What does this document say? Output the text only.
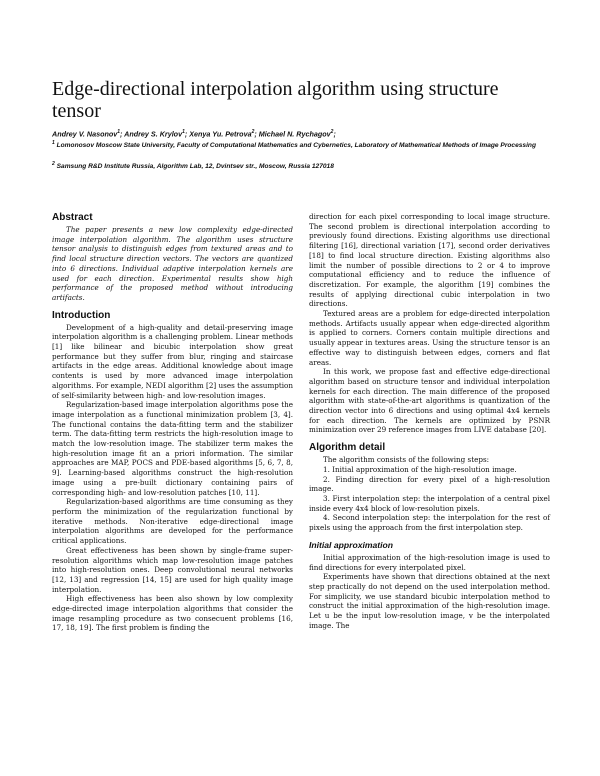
Edge-directional interpolation algorithm using structure tensor
Andrey V. Nasonov$^1$; Andrey S. Krylov$^1$; Xenya Yu. Petrova$^2$; Michael N. Rychagov$^2$;
$^1$ Lomonosov Moscow State University, Faculty of Computational Mathematics and Cybernetics, Laboratory of Mathematical Methods of Image Processing
$^2$ Samsung R&D Institute Russia, Algorithm Lab, 12, Dvintsev str., Moscow, Russia 127018
Abstract

The paper presents a new low complexity edge-directed image interpolation algorithm. The algorithm uses structure tensor analysis to distinguish edges from textured areas and to find local structure direction vectors. The vectors are quantized into 6 directions. Individual adaptive interpolation kernels are used for each direction. Experimental results show high performance of the proposed method without introducing artifacts.

Introduction

Development of a high-quality and detail-preserving image interpolation algorithm is a challenging problem. Linear methods [1] like bilinear and bicubic interpolation show great performance but they suffer from blur, ringing and staircase artifacts in the edge areas. Additional knowledge about image contents is used by more advanced image interpolation algorithms. For example, NEDI algorithm [2] uses the assumption of self-similarity between high- and low-resolution images.

Regularization-based image interpolation algorithms pose the image interpolation as a functional minimization problem [3, 4]. The functional contains the data-fitting term and the stabilizer term. The data-fitting term restricts the high-resolution image to match the low-resolution image. The stabilizer term makes the high-resolution image fit an a priori information. The similar approaches are MAP, POCS and PDE-based algorithms [5, 6, 7, 8, 9]. Learning-based algorithms construct the high-resolution image using a pre-built dictionary containing pairs of corresponding high- and low-resolution patches [10, 11].

Regularization-based algorithms are time consuming as they perform the minimization of the regularization functional by iterative methods. Non-iterative edge-directional image interpolation algorithms are developed for the performance critical applications.

Great effectiveness has been shown by single-frame super-resolution algorithms which map low-resolution image patches into high-resolution ones. Deep convolutional neural networks [12, 13] and regression [14, 15] are used for high quality image interpolation.

High effectiveness has been also shown by low complexity edge-directed image interpolation algorithms that consider the image resampling procedure as two consecuent problems [16, 17, 18, 19]. The first problem is finding the

direction for each pixel corresponding to local image structure. The second problem is directional interpolation according to previously found directions. Existing algorithms use directional filtering [16], directional variation [17], second order derivatives [18] to find local structure direction. Existing algorithms also limit the number of possible directions to 2 or 4 to improve computational efficiency and to reduce the influence of discretization. For example, the algorithm [19] combines the results of applying directional cubic interpolation in two directions.

Textured areas are a problem for edge-directed interpolation methods. Artifacts usually appear when edge-directed algorithm is applied to corners. Corners contain multiple directions and usually appear in textures areas. Using the structure tensor is an effective way to distinguish between edges, corners and flat areas.

In this work, we propose fast and effective edge-directional algorithm based on structure tensor and individual interpolation kernels for each direction. The main difference of the proposed algorithm with state-of-the-art algorithms is quantization of the direction vector into 6 directions and using optimal 4x4 kernels for each direction. The kernels are optimized by PSNR minimization over 29 reference images from LIVE database [20].

Algorithm detail

The algorithm consists of the following steps:

1. Initial approximation of the high-resolution image.

2. Finding direction for every pixel of a high-resolution image.

3. First interpolation step: the interpolation of a central pixel inside every 4x4 block of low-resolution pixels.

4. Second interpolation step: the interpolation for the rest of pixels using the approach from the first interpolation step.

Initial approximation

Initial approximation of the high-resolution image is used to find directions for every interpolated pixel.

Experiments have shown that directions obtained at the next step practically do not depend on the used interpolation method. For simplicity, we use standard bicubic interpolation method to construct the initial approximation of the high-resolution image. Let u be the input low-resolution image, v be the interpolated image. The
